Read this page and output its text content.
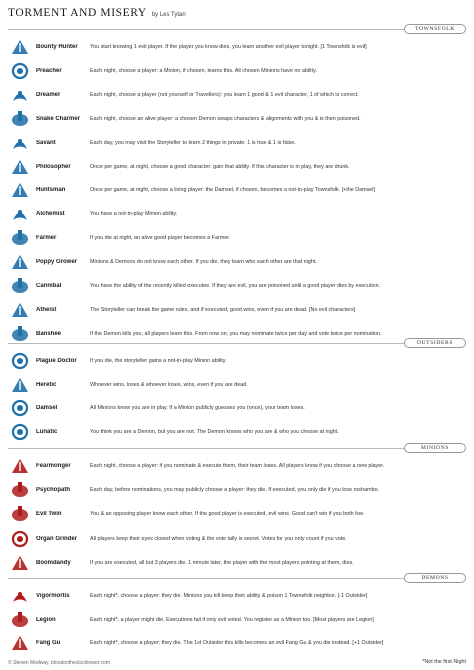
TORMENT AND MISERY by Les Tytan
TOWNSFOLK
Bounty Hunter	You start knowing 1 evil player. If the player you know dies, you learn another evil player tonight. [1 Townsfolk is evil]
Preacher	Each night, choose a player: a Minion, if chosen, learns this. All chosen Minions have no ability.
Dreamer	Each night, choose a player (not yourself or Travellers): you learn 1 good & 1 evil character, 1 of which is correct.
Snake Charmer	Each night, choose an alive player: a chosen Demon swaps characters & alignments with you & is then poisoned.
Savant	Each day, you may visit the Storyteller to learn 2 things in private: 1 is true & 1 is false.
Philosopher	Once per game, at night, choose a good character: gain that ability. If this character is in play, they are drunk.
Huntsman	Once per game, at night, choose a living player: the Damsel, if chosen, becomes a not-in-play Townsfolk. [+the Damsel]
Alchemist	You have a not-in-play Minion ability.
Farmer	If you die at night, an alive good player becomes a Farmer.
Poppy Grower	Minions & Demons do not know each other. If you die, they learn who each other are that night.
Cannibal	You have the ability of the recently killed executee. If they are evil, you are poisoned until a good player dies by execution.
Atheist	The Storyteller can break the game rules, and if executed, good wins, even if you are dead. [No evil characters]
Banshee	If the Demon kills you, all players learn this. From now on, you may nominate twice per day and vote twice per nomination.
OUTSIDERS
Plague Doctor	If you die, the storyteller gains a not-in-play Minion ability.
Heretic	Whoever wins, loses & whoever loses, wins, even if you are dead.
Damsel	All Minions know you are in play. If a Minion publicly guesses you (once), your team loses.
Lunatic	You think you are a Demon, but you are not. The Demon knows who you are & who you choose at night.
MINIONS
Fearmonger	Each night, choose a player: if you nominate & execute them, their team loses. All players know if you choose a new player.
Psychopath	Each day, before nominations, you may publicly choose a player: they die. If executed, you only die if you lose roshambo.
Evil Twin	You & an opposing player know each other. If the good player is executed, evil wins. Good can't win if you both live.
Organ Grinder	All players keep their eyes closed when voting & the vote tally is secret. Votes for you only count if you vote.
Boomdandy	If you are executed, all but 3 players die. 1 minute later, the player with the most players pointing at them, dies.
DEMONS
Vigormortis	Each night*, choose a player: they die. Minions you kill keep their ability & poison 1 Townsfolk neighbor. [-1 Outsider]
Legion	Each night*, a player might die. Executions fail if only evil voted. You register as a Minion too. [Most players are Legion]
Fang Gu	Each night*, choose a player: they die. The 1st Outsider this kills becomes an evil Fang Gu & you die instead. [+1 Outsider]
© Steven Medway, bloodontheclocktower.com	*Not the first Night
